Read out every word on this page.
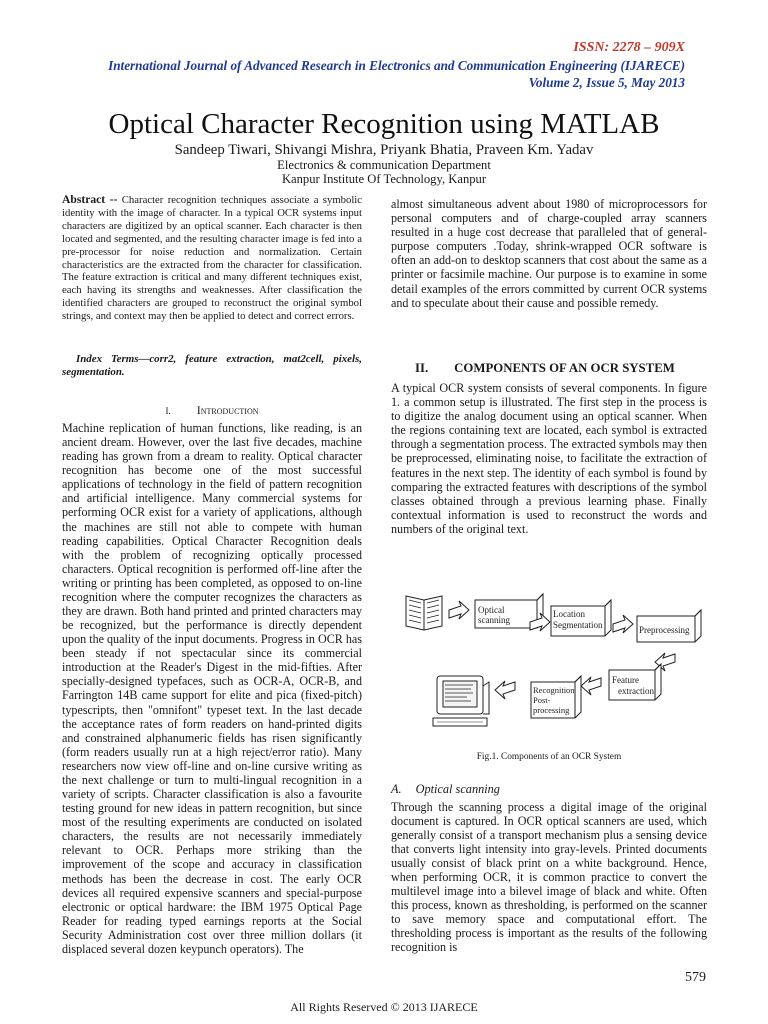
ISSN: 2278 – 909X
International Journal of Advanced Research in Electronics and Communication Engineering (IJARECE)
Volume 2, Issue 5, May 2013
Optical Character Recognition using MATLAB
Sandeep Tiwari, Shivangi Mishra, Priyank Bhatia, Praveen Km. Yadav
Electronics & communication Department
Kanpur Institute Of Technology, Kanpur
Abstract -- Character recognition techniques associate a symbolic identity with the image of character. In a typical OCR systems input characters are digitized by an optical scanner. Each character is then located and segmented, and the resulting character image is fed into a pre-processor for noise reduction and normalization. Certain characteristics are the extracted from the character for classification. The feature extraction is critical and many different techniques exist, each having its strengths and weaknesses. After classification the identified characters are grouped to reconstruct the original symbol strings, and context may then be applied to detect and correct errors.
Index Terms—corr2, feature extraction, mat2cell, pixels, segmentation.
I. Introduction
Machine replication of human functions, like reading, is an ancient dream. However, over the last five decades, machine reading has grown from a dream to reality. Optical character recognition has become one of the most successful applications of technology in the field of pattern recognition and artificial intelligence. Many commercial systems for performing OCR exist for a variety of applications, although the machines are still not able to compete with human reading capabilities. Optical Character Recognition deals with the problem of recognizing optically processed characters. Optical recognition is performed off-line after the writing or printing has been completed, as opposed to on-line recognition where the computer recognizes the characters as they are drawn. Both hand printed and printed characters may be recognized, but the performance is directly dependent upon the quality of the input documents. Progress in OCR has been steady if not spectacular since its commercial introduction at the Reader's Digest in the mid-fifties. After specially-designed typefaces, such as OCR-A, OCR-B, and Farrington 14B came support for elite and pica (fixed-pitch) typescripts, then "omnifont" typeset text. In the last decade the acceptance rates of form readers on hand-printed digits and constrained alphanumeric fields has risen significantly (form readers usually run at a high reject/error ratio). Many researchers now view off-line and on-line cursive writing as the next challenge or turn to multi-lingual recognition in a variety of scripts. Character classification is also a favourite testing ground for new ideas in pattern recognition, but since most of the resulting experiments are conducted on isolated characters, the results are not necessarily immediately relevant to OCR. Perhaps more striking than the improvement of the scope and accuracy in classification methods has been the decrease in cost. The early OCR devices all required expensive scanners and special-purpose electronic or optical hardware: the IBM 1975 Optical Page Reader for reading typed earnings reports at the Social Security Administration cost over three million dollars (it displaced several dozen keypunch operators). The
almost simultaneous advent about 1980 of microprocessors for personal computers and of charge-coupled array scanners resulted in a huge cost decrease that paralleled that of general-purpose computers .Today, shrink-wrapped OCR software is often an add-on to desktop scanners that cost about the same as a printer or facsimile machine. Our purpose is to examine in some detail examples of the errors committed by current OCR systems and to speculate about their cause and possible remedy.
II. COMPONENTS OF AN OCR SYSTEM
A typical OCR system consists of several components. In figure 1. a common setup is illustrated. The first step in the process is to digitize the analog document using an optical scanner. When the regions containing text are located, each symbol is extracted through a segmentation process. The extracted symbols may then be preprocessed, eliminating noise, to facilitate the extraction of features in the next step. The identity of each symbol is found by comparing the extracted features with descriptions of the symbol classes obtained through a previous learning phase. Finally contextual information is used to reconstruct the words and numbers of the original text.
Optical
scanning
Location
Segmentation	Preprocessing
Feature
extraction
Recognition
Post-
processing
Fig.1. Components of an OCR System
A. Optical scanning
Through the scanning process a digital image of the original document is captured. In OCR optical scanners are used, which generally consist of a transport mechanism plus a sensing device that converts light intensity into gray-levels. Printed documents usually consist of black print on a white background. Hence, when performing OCR, it is common practice to convert the multilevel image into a bilevel image of black and white. Often this process, known as thresholding, is performed on the scanner to save memory space and computational effort. The thresholding process is important as the results of the following recognition is
579
All Rights Reserved © 2013 IJARECE
